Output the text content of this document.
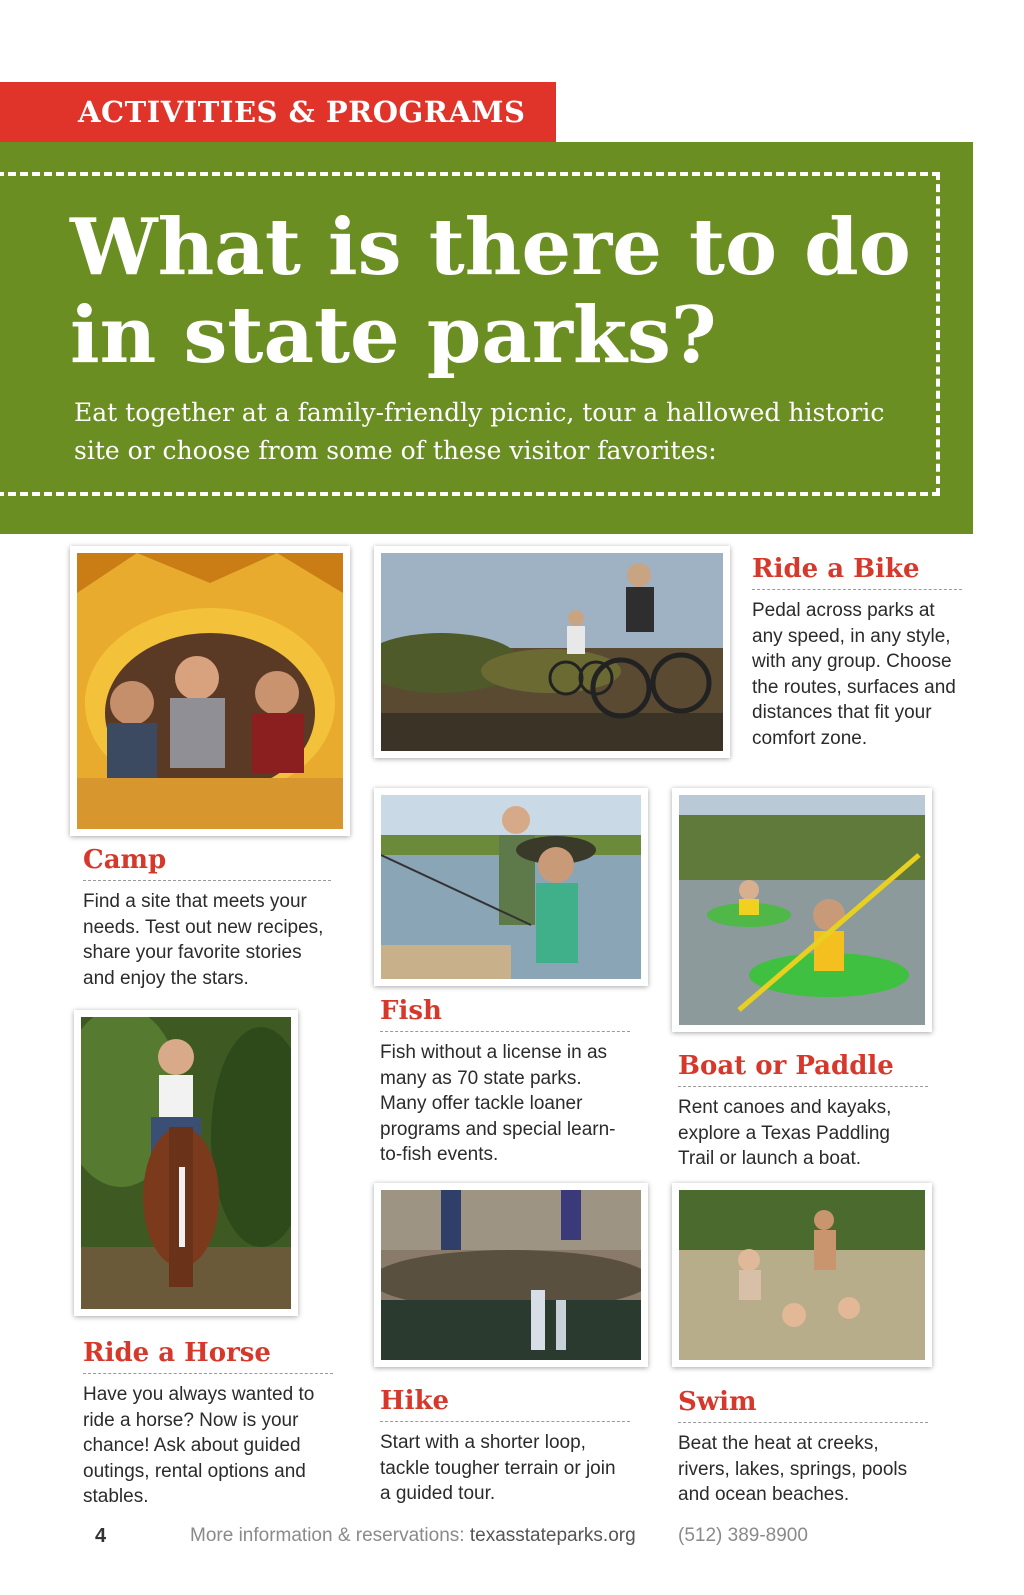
ACTIVITIES & PROGRAMS
What is there to do in state parks?

Eat together at a family-friendly picnic, tour a hallowed historic site or choose from some of these visitor favorites:

Ride a Bike

Pedal across parks at any speed, in any style, with any group. Choose the routes, surfaces and distances that fit your comfort zone.

Camp

Find a site that meets your needs. Test out new recipes, share your favorite stories and enjoy the stars.

Fish

Fish without a license in as many as 70 state parks. Many offer tackle loaner programs and special learn-to-fish events.

Boat or Paddle

Rent canoes and kayaks, explore a Texas Paddling Trail or launch a boat.

Ride a Horse

Have you always wanted to ride a horse? Now is your chance! Ask about guided outings, rental options and stables.

Hike

Start with a shorter loop, tackle tougher terrain or join a guided tour.

Swim

Beat the heat at creeks, rivers, lakes, springs, pools and ocean beaches.

4	More information & reservations: texasstateparks.org (512) 389-8900
